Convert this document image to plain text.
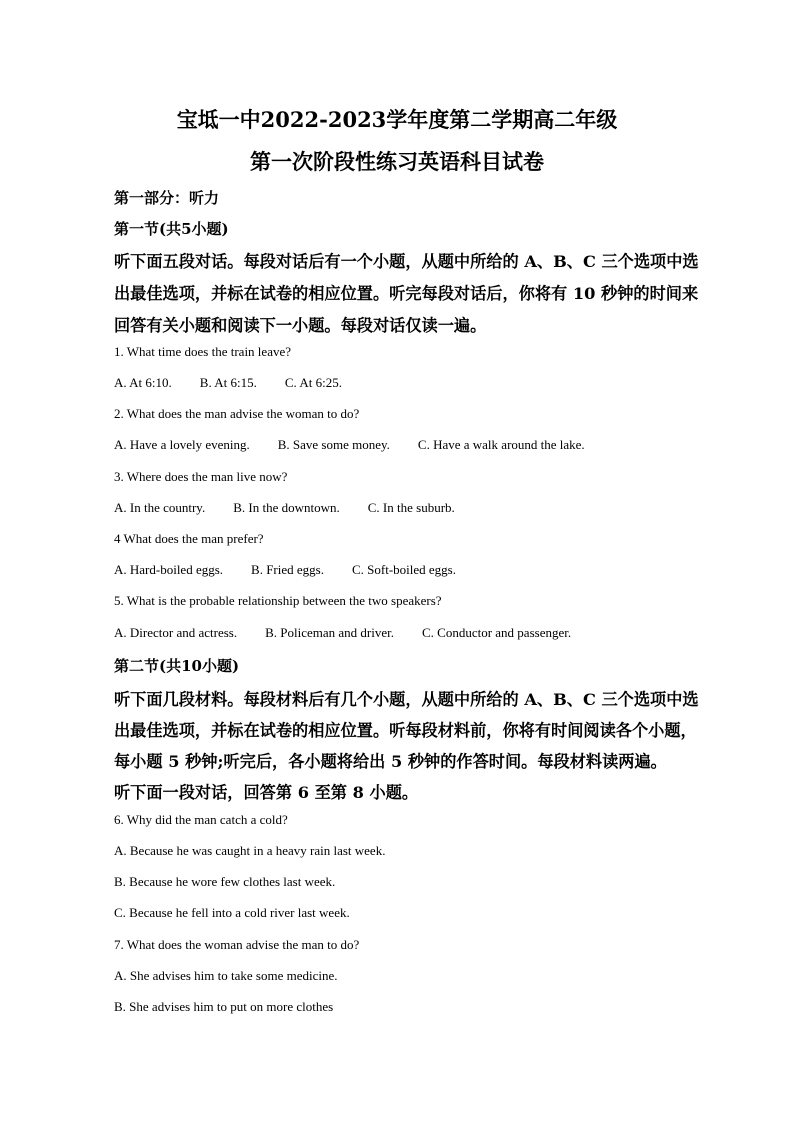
宝坻一中2022-2023学年度第二学期高二年级
第一次阶段性练习英语科目试卷
第一部分：听力
第一节(共5小题)
听下面五段对话。每段对话后有一个小题，从题中所给的 A、B、C 三个选项中选
出最佳选项，并标在试卷的相应位置。听完每段对话后，你将有 10 秒钟的时间来
回答有关小题和阅读下一小题。每段对话仅读一遍。
1. What time does the train leave?
A. At 6:10. B. At 6:15. C. At 6:25.
2. What does the man advise the woman to do?
A. Have a lovely evening. B. Save some money. C. Have a walk around the lake.
3. Where does the man live now?
A. In the country. B. In the downtown. C. In the suburb.
4 What does the man prefer?
A. Hard-boiled eggs. B. Fried eggs. C. Soft-boiled eggs.
5. What is the probable relationship between the two speakers?
A. Director and actress. B. Policeman and driver. C. Conductor and passenger.
第二节(共10小题)
听下面几段材料。每段材料后有几个小题，从题中所给的 A、B、C 三个选项中选
出最佳选项，并标在试卷的相应位置。听每段材料前，你将有时间阅读各个小题，
每小题 5 秒钟;听完后，各小题将给出 5 秒钟的作答时间。每段材料读两遍。
听下面一段对话，回答第 6 至第 8 小题。
6. Why did the man catch a cold?
A. Because he was caught in a heavy rain last week.
B. Because he wore few clothes last week.
C. Because he fell into a cold river last week.
7. What does the woman advise the man to do?
A. She advises him to take some medicine.
B. She advises him to put on more clothes
